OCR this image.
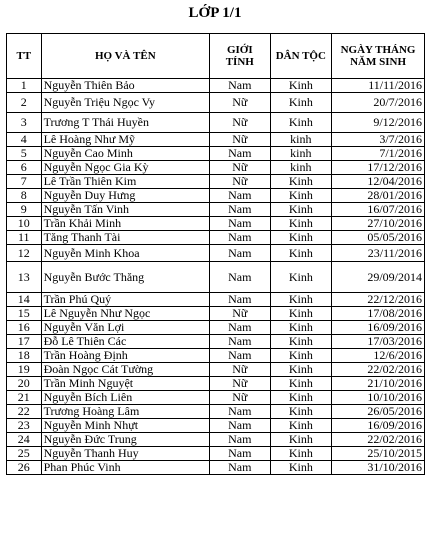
LỚP 1/1
TT	HỌ VÀ TÊN	GIỚI TÍNH	DÂN TỘC	NGÀY THÁNG NĂM SINH
1	Nguyễn Thiên Bảo	Nam	Kinh	11/11/2016
2	Nguyễn Triệu Ngọc Vy	Nữ	Kinh	20/7/2016
3	Trương T Thái Huyền	Nữ	Kinh	9/12/2016
4	Lê Hoàng Như Mỹ	Nữ	kinh	3/7/2016
5	Nguyễn Cao Minh	Nam	kinh	7/1/2016
6	Nguyễn Ngọc Gia Kỳ	Nữ	kinh	17/12/2016
7	Lê Trần Thiên Kim	Nữ	Kinh	12/04/2016
8	Nguyễn Duy Hưng	Nam	Kinh	28/01/2016
9	Nguyễn Tấn Vinh	Nam	Kinh	16/07/2016
10	Trần Khải Minh	Nam	Kinh	27/10/2016
11	Tăng Thanh Tài	Nam	Kinh	05/05/2016
12	Nguyễn Minh Khoa	Nam	Kinh	23/11/2016
13	Nguyễn Bước Thăng	Nam	Kinh	29/09/2014
14	Trần Phú Quý	Nam	Kinh	22/12/2016
15	Lê Nguyễn Như Ngọc	Nữ	Kinh	17/08/2016
16	Nguyễn Văn Lợi	Nam	Kinh	16/09/2016
17	Đỗ Lê Thiên Các	Nam	Kinh	17/03/2016
18	Trần Hoàng Định	Nam	Kinh	12/6/2016
19	Đoàn Ngọc Cát Tường	Nữ	Kinh	22/02/2016
20	Trần Minh Nguyệt	Nữ	Kinh	21/10/2016
21	Nguyễn Bích Liên	Nữ	Kinh	10/10/2016
22	Trương Hoàng Lâm	Nam	Kinh	26/05/2016
23	Nguyễn Minh Nhựt	Nam	Kinh	16/09/2016
24	Nguyễn Đức Trung	Nam	Kinh	22/02/2016
25	Nguyễn Thanh Huy	Nam	Kinh	25/10/2015
26	Phan Phúc Vinh	Nam	Kinh	31/10/2016
